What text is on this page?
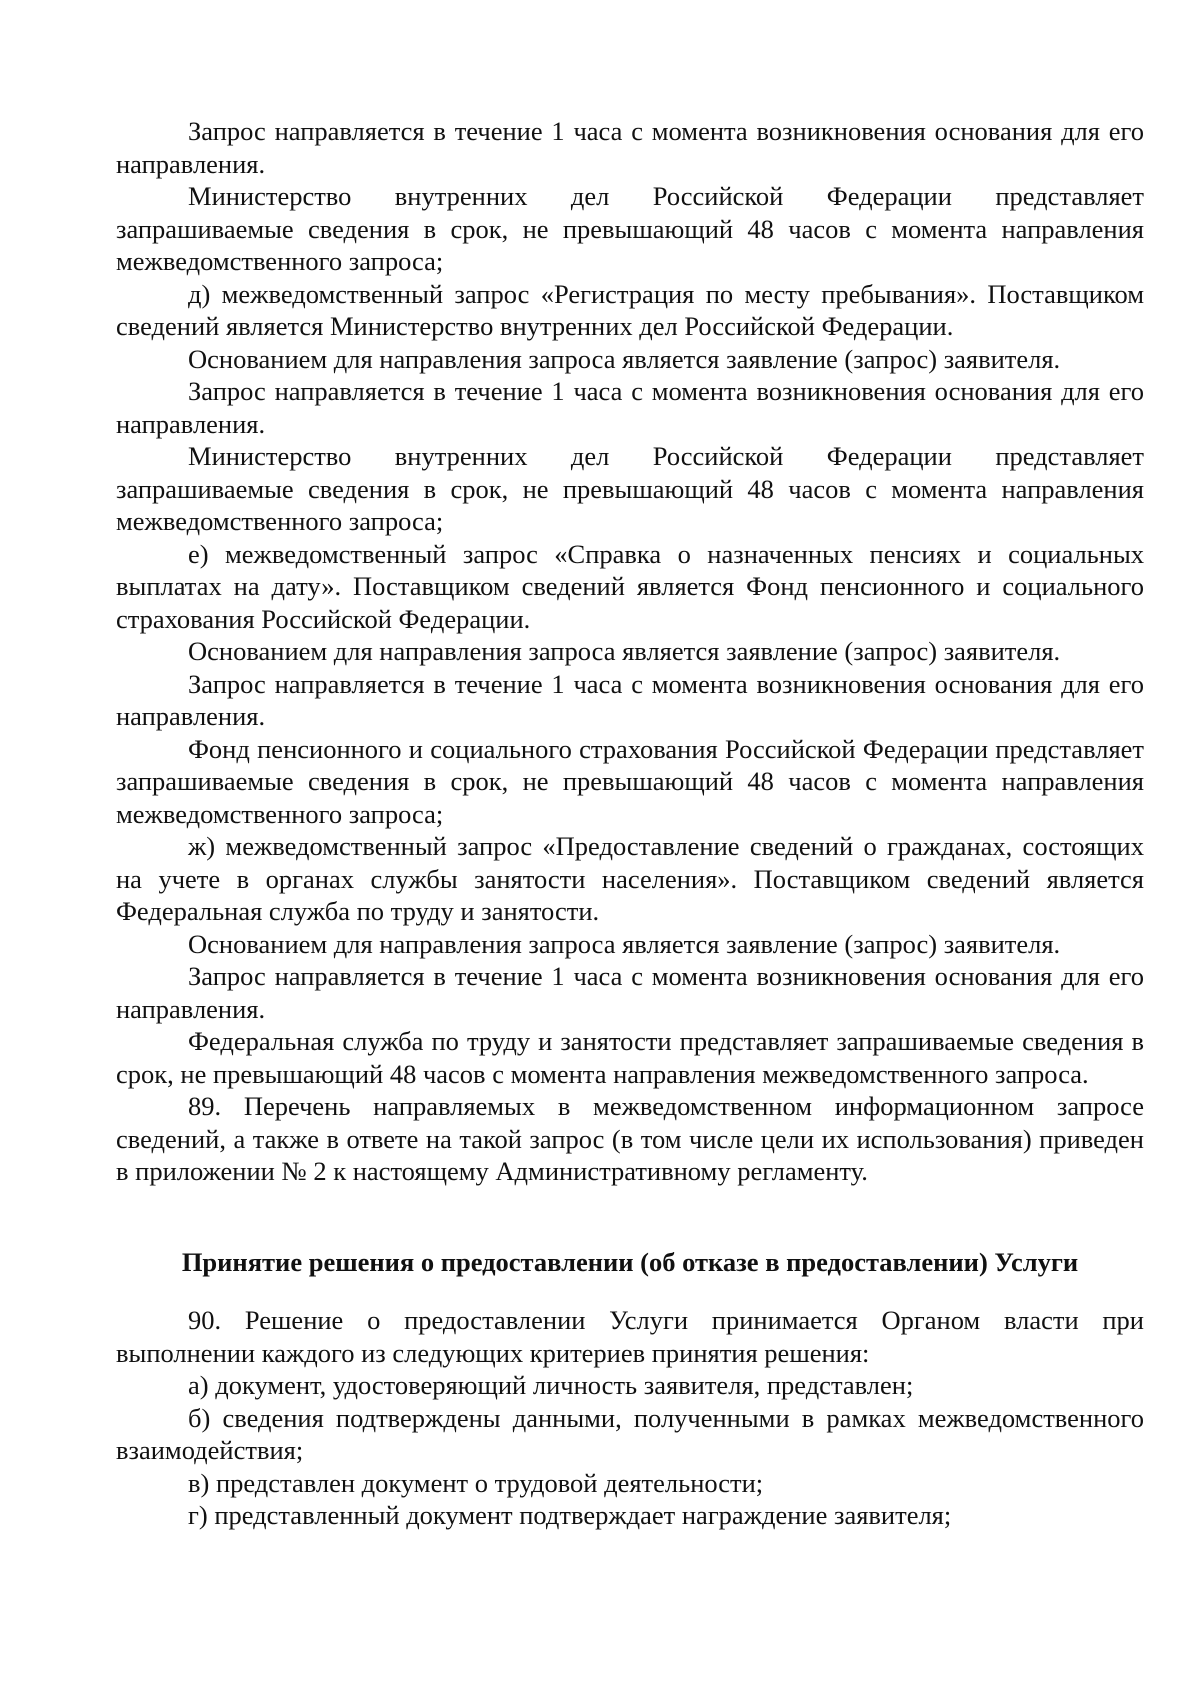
Запрос направляется в течение 1 часа с момента возникновения основания для его направления.

Министерство внутренних дел Российской Федерации представляет запрашиваемые сведения в срок, не превышающий 48 часов с момента направления межведомственного запроса;

д) межведомственный запрос «Регистрация по месту пребывания». Поставщиком сведений является Министерство внутренних дел Российской Федерации.

Основанием для направления запроса является заявление (запрос) заявителя.

Запрос направляется в течение 1 часа с момента возникновения основания для его направления.

Министерство внутренних дел Российской Федерации представляет запрашиваемые сведения в срок, не превышающий 48 часов с момента направления межведомственного запроса;

е) межведомственный запрос «Справка о назначенных пенсиях и социальных выплатах на дату». Поставщиком сведений является Фонд пенсионного и социального страхования Российской Федерации.

Основанием для направления запроса является заявление (запрос) заявителя.

Запрос направляется в течение 1 часа с момента возникновения основания для его направления.

Фонд пенсионного и социального страхования Российской Федерации представляет запрашиваемые сведения в срок, не превышающий 48 часов с момента направления межведомственного запроса;

ж) межведомственный запрос «Предоставление сведений о гражданах, состоящих на учете в органах службы занятости населения». Поставщиком сведений является Федеральная служба по труду и занятости.

Основанием для направления запроса является заявление (запрос) заявителя.

Запрос направляется в течение 1 часа с момента возникновения основания для его направления.

Федеральная служба по труду и занятости представляет запрашиваемые сведения в срок, не превышающий 48 часов с момента направления межведомственного запроса.

89. Перечень направляемых в межведомственном информационном запросе сведений, а также в ответе на такой запрос (в том числе цели их использования) приведен в приложении № 2 к настоящему Административному регламенту.

Принятие решения о предоставлении (об отказе в предоставлении) Услуги

90. Решение о предоставлении Услуги принимается Органом власти при выполнении каждого из следующих критериев принятия решения:

а) документ, удостоверяющий личность заявителя, представлен;

б) сведения подтверждены данными, полученными в рамках межведомственного взаимодействия;

в) представлен документ о трудовой деятельности;

г) представленный документ подтверждает награждение заявителя;
